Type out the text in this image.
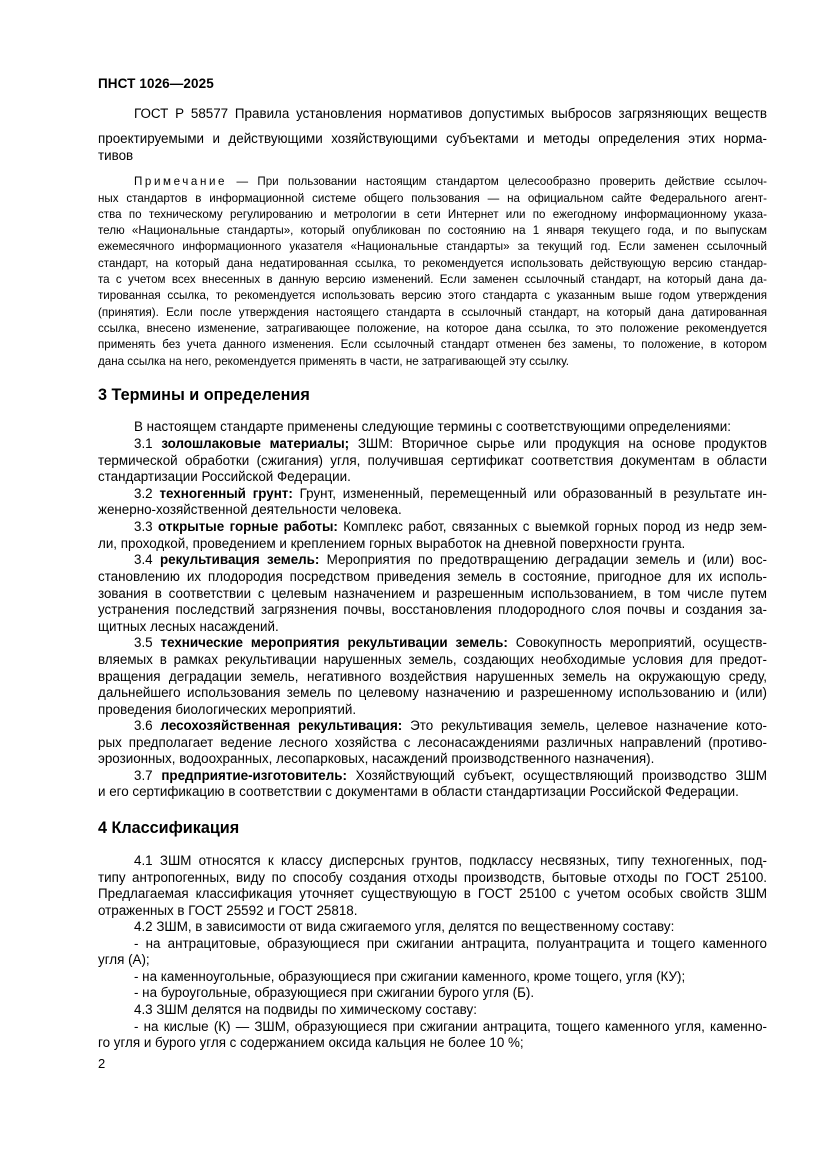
ПНСТ 1026—2025
ГОСТ Р 58577 Правила установления нормативов допустимых выбросов загрязняющих веществ
проектируемыми и действующими хозяйствующими субъектами и методы определения этих норма-
тивов
Примечание — При пользовании настоящим стандартом целесообразно проверить действие ссылоч-
ных стандартов в информационной системе общего пользования — на официальном сайте Федерального агент-
ства по техническому регулированию и метрологии в сети Интернет или по ежегодному информационному указа-
телю «Национальные стандарты», который опубликован по состоянию на 1 января текущего года, и по выпускам
ежемесячного информационного указателя «Национальные стандарты» за текущий год. Если заменен ссылочный
стандарт, на который дана недатированная ссылка, то рекомендуется использовать действующую версию стандар-
та с учетом всех внесенных в данную версию изменений. Если заменен ссылочный стандарт, на который дана да-
тированная ссылка, то рекомендуется использовать версию этого стандарта с указанным выше годом утверждения
(принятия). Если после утверждения настоящего стандарта в ссылочный стандарт, на который дана датированная
ссылка, внесено изменение, затрагивающее положение, на которое дана ссылка, то это положение рекомендуется
применять без учета данного изменения. Если ссылочный стандарт отменен без замены, то положение, в котором
дана ссылка на него, рекомендуется применять в части, не затрагивающей эту ссылку.
3 Термины и определения
В настоящем стандарте применены следующие термины с соответствующими определениями:
3.1 золошлаковые материалы; ЗШМ: Вторичное сырье или продукция на основе продуктов
термической обработки (сжигания) угля, получившая сертификат соответствия документам в области
стандартизации Российской Федерации.
3.2 техногенный грунт: Грунт, измененный, перемещенный или образованный в результате ин-
женерно-хозяйственной деятельности человека.
3.3 открытые горные работы: Комплекс работ, связанных с выемкой горных пород из недр зем-
ли, проходкой, проведением и креплением горных выработок на дневной поверхности грунта.
3.4 рекультивация земель: Мероприятия по предотвращению деградации земель и (или) вос-
становлению их плодородия посредством приведения земель в состояние, пригодное для их исполь-
зования в соответствии с целевым назначением и разрешенным использованием, в том числе путем
устранения последствий загрязнения почвы, восстановления плодородного слоя почвы и создания за-
щитных лесных насаждений.
3.5 технические мероприятия рекультивации земель: Совокупность мероприятий, осуществ-
вляемых в рамках рекультивации нарушенных земель, создающих необходимые условия для предот-
вращения деградации земель, негативного воздействия нарушенных земель на окружающую среду,
дальнейшего использования земель по целевому назначению и разрешенному использованию и (или)
проведения биологических мероприятий.
3.6 лесохозяйственная рекультивация: Это рекультивация земель, целевое назначение кото-
рых предполагает ведение лесного хозяйства с лесонасаждениями различных направлений (противо-
эрозионных, водоохранных, лесопарковых, насаждений производственного назначения).
3.7 предприятие-изготовитель: Хозяйствующий субъект, осуществляющий производство ЗШМ
и его сертификацию в соответствии с документами в области стандартизации Российской Федерации.
4 Классификация
4.1 ЗШМ относятся к классу дисперсных грунтов, подклассу несвязных, типу техногенных, под-
типу антропогенных, виду по способу создания отходы производств, бытовые отходы по ГОСТ 25100.
Предлагаемая классификация уточняет существующую в ГОСТ 25100 с учетом особых свойств ЗШМ
отраженных в ГОСТ 25592 и ГОСТ 25818.
4.2 ЗШМ, в зависимости от вида сжигаемого угля, делятся по вещественному составу:
- на антрацитовые, образующиеся при сжигании антрацита, полуантрацита и тощего каменного
угля (А);
- на каменноугольные, образующиеся при сжигании каменного, кроме тощего, угля (КУ);
- на буроугольные, образующиеся при сжигании бурого угля (Б).
4.3 ЗШМ делятся на подвиды по химическому составу:
- на кислые (К) — ЗШМ, образующиеся при сжигании антрацита, тощего каменного угля, каменно-
го угля и бурого угля с содержанием оксида кальция не более 10 %;
2
